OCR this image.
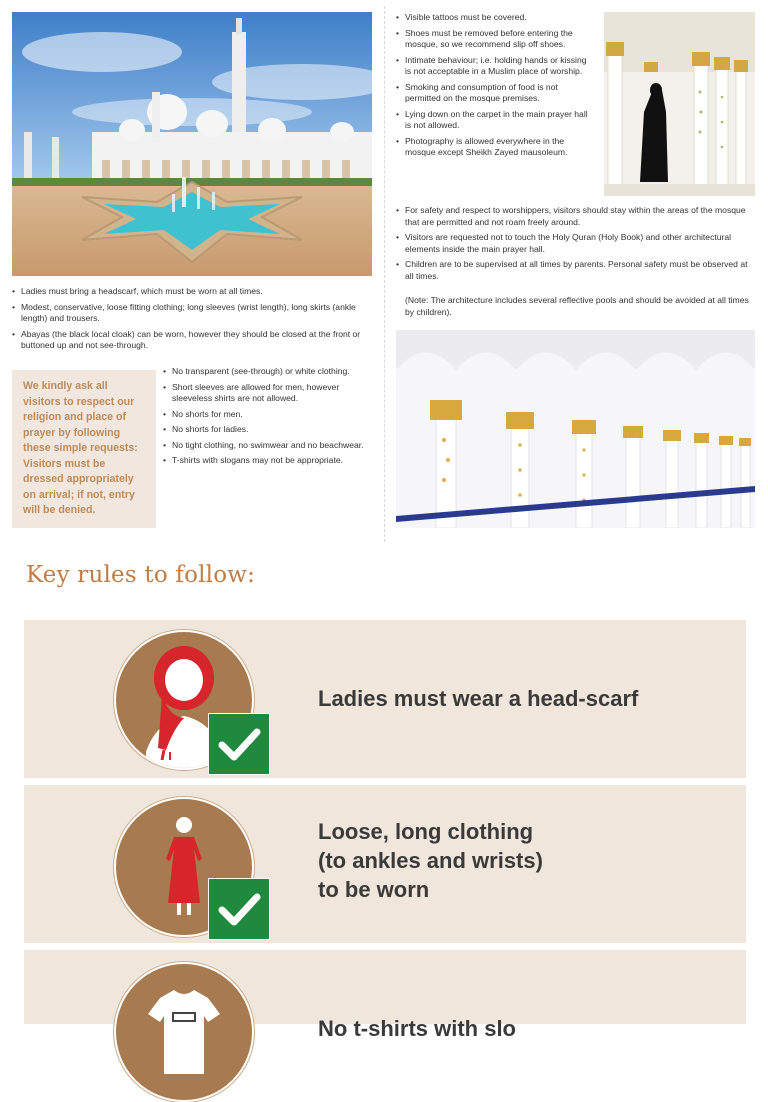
• Ladies must bring a headscarf, which must be worn at all times.
• Modest, conservative, loose fitting clothing; long sleeves (wrist length), long skirts (ankle length) and trousers.
• Abayas (the black local cloak) can be worn, however they should be closed at the front or buttoned up and not see-through.

We kindly ask all visitors to respect our religion and place of prayer by following these simple requests: Visitors must be dressed appropriately on arrival; if not, entry will be denied.

• No transparent (see-through) or white clothing.
• Short sleeves are allowed for men, however sleeveless shirts are not allowed.
• No shorts for men.
• No shorts for ladies.
• No tight clothing, no swimwear and no beachwear.
• T-shirts with slogans may not be appropriate.
• Visible tattoos must be covered.
• Shoes must be removed before entering the mosque, so we recommend slip off shoes.
• Intimate behaviour; i.e. holding hands or kissing is not acceptable in a Muslim place of worship.
• Smoking and consumption of food is not permitted on the mosque premises.
• Lying down on the carpet in the main prayer hall is not allowed.
• Photography is allowed everywhere in the mosque except Sheikh Zayed mausoleum.
• For safety and respect to worshippers, visitors should stay within the areas of the mosque that are permitted and not roam freely around.
• Visitors are requested not to touch the Holy Quran (Holy Book) and other architectural elements inside the main prayer hall.
• Children are to be supervised at all times by parents. Personal safety must be observed at all times.
(Note: The architecture includes several reflective pools and should be avoided at all times by children).
Key rules to follow:
Ladies must wear a head-scarf
Loose, long clothing
(to ankles and wrists)
to be worn
No t-shirts with slo
